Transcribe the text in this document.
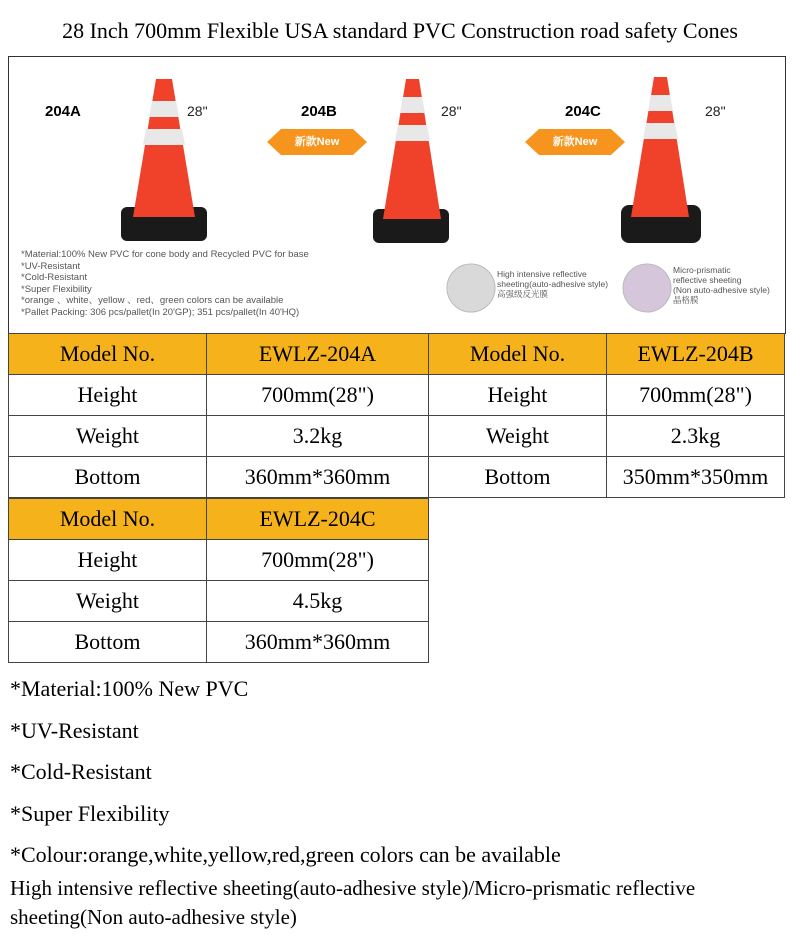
28 Inch 700mm Flexible USA standard PVC Construction road safety Cones
204A	28"
新款New
204B	28"
新款New
204C	28"
*Material:100% New PVC for cone body and Recycled PVC for base
*UV-Resistant
*Cold-Resistant
*Super Flexibility
*orange 、white、yellow 、red、green colors can be available
*Pallet Packing: 306 pcs/pallet(In 20'GP); 351 pcs/pallet(In 40'HQ)
High intensive reflective
sheeting(auto-adhesive style)
高强级反光膜
Micro-prismatic
reflective sheeting
(Non auto-adhesive style)
晶格膜
Model No.	EWLZ-204A
Height	700mm(28")
Weight	3.2kg
Bottom	360mm*360mm
Model No.	EWLZ-204B
Height	700mm(28")
Weight	2.3kg
Bottom	350mm*350mm
Model No.	EWLZ-204C
Height	700mm(28")
Weight	4.5kg
Bottom	360mm*360mm
*Material:100% New PVC
*UV-Resistant
*Cold-Resistant
*Super Flexibility
*Colour:orange,white,yellow,red,green colors can be available
High intensive reflective sheeting(auto-adhesive style)/Micro-prismatic reflective sheeting(Non auto-adhesive style)
